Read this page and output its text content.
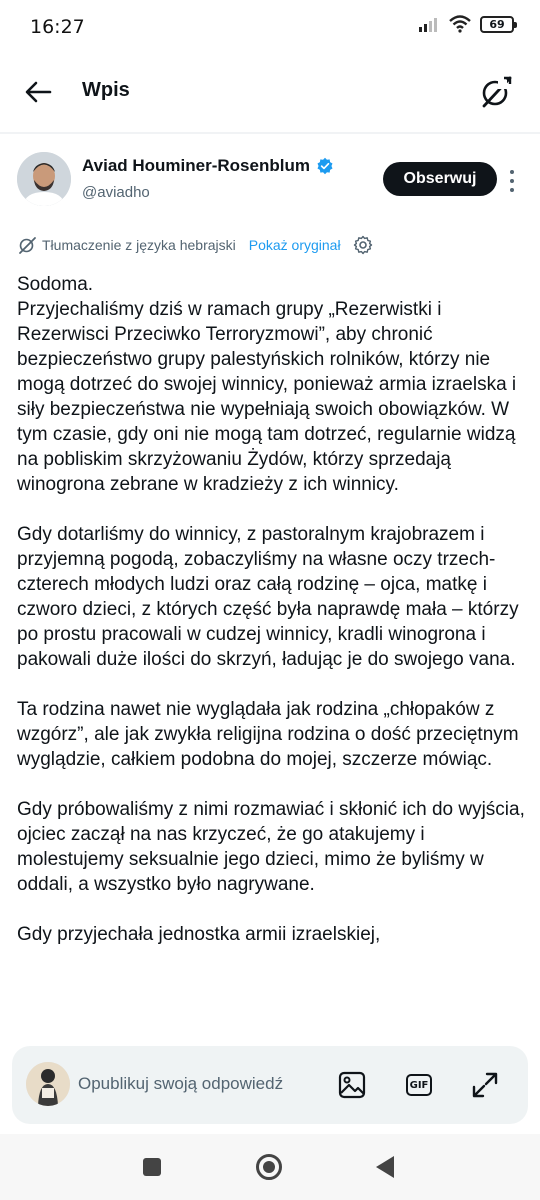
16:27	69
Wpis
Aviad Houminer-Rosenblum
@aviadho
Obserwuj
Tłumaczenie z języka hebrajski Pokaż oryginał

Sodoma.
Przyjechaliśmy dziś w ramach grupy „Rezerwistki i Rezerwisci Przeciwko Terroryzmowi”, aby chronić bezpieczeństwo grupy palestyńskich rolników, którzy nie mogą dotrzeć do swojej winnicy, ponieważ armia izraelska i siły bezpieczeństwa nie wypełniają swoich obowiązków. W tym czasie, gdy oni nie mogą tam dotrzeć, regularnie widzą na pobliskim skrzyżowaniu Żydów, którzy sprzedają winogrona zebrane w kradzieży z ich winnicy.

Gdy dotarliśmy do winnicy, z pastoralnym krajobrazem i przyjemną pogodą, zobaczyliśmy na własne oczy trzech-czterech młodych ludzi oraz całą rodzinę – ojca, matkę i czworo dzieci, z których część była naprawdę mała – którzy po prostu pracowali w cudzej winnicy, kradli winogrona i pakowali duże ilości do skrzyń, ładując je do swojego vana.

Ta rodzina nawet nie wyglądała jak rodzina „chłopaków z wzgórz”, ale jak zwykła religijna rodzina o dość przeciętnym wyglądzie, całkiem podobna do mojej, szczerze mówiąc.

Gdy próbowaliśmy z nimi rozmawiać i skłonić ich do wyjścia, ojciec zaczął na nas krzyczeć, że go atakujemy i molestujemy seksualnie jego dzieci, mimo że byliśmy w oddali, a wszystko było nagrywane.

Gdy przyjechała jednostka armii izraelskiej,

Opublikuj swoją odpowiedź	GIF
